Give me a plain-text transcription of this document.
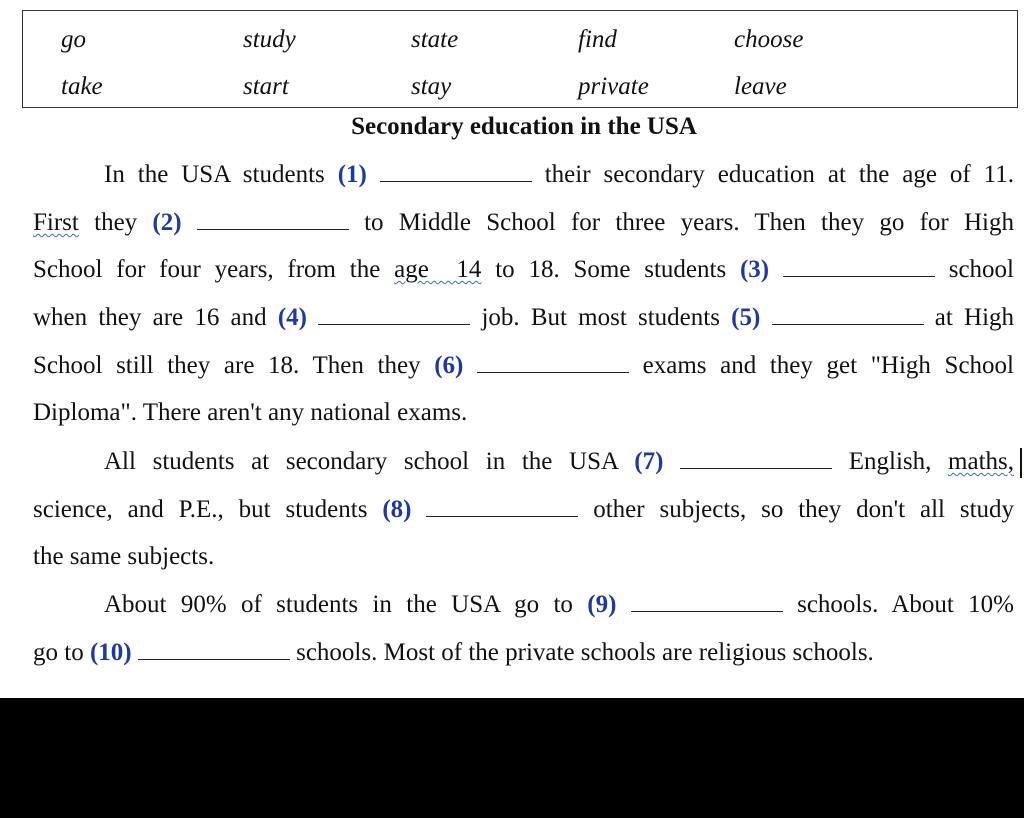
go	study	state	find	choose
take	start	stay	private	leave
Secondary education in the USA
In the USA students (1)	their secondary education at the age of 11.
First they (2)	to Middle School for three years. Then they go for High
School for four years, from the age  14 to 18. Some students (3)	school
when they are 16 and (4)	job. But most students (5)	at High
School still they are 18. Then they (6)	exams and they get "High School
Diploma". There aren't any national exams.
All students at secondary school in the USA (7)	English, maths,
science, and P.E., but students (8)	other subjects, so they don't all study
the same subjects.
About 90% of students in the USA go to (9)	schools. About 10%
go to (10)	schools. Most of the private schools are religious schools.
